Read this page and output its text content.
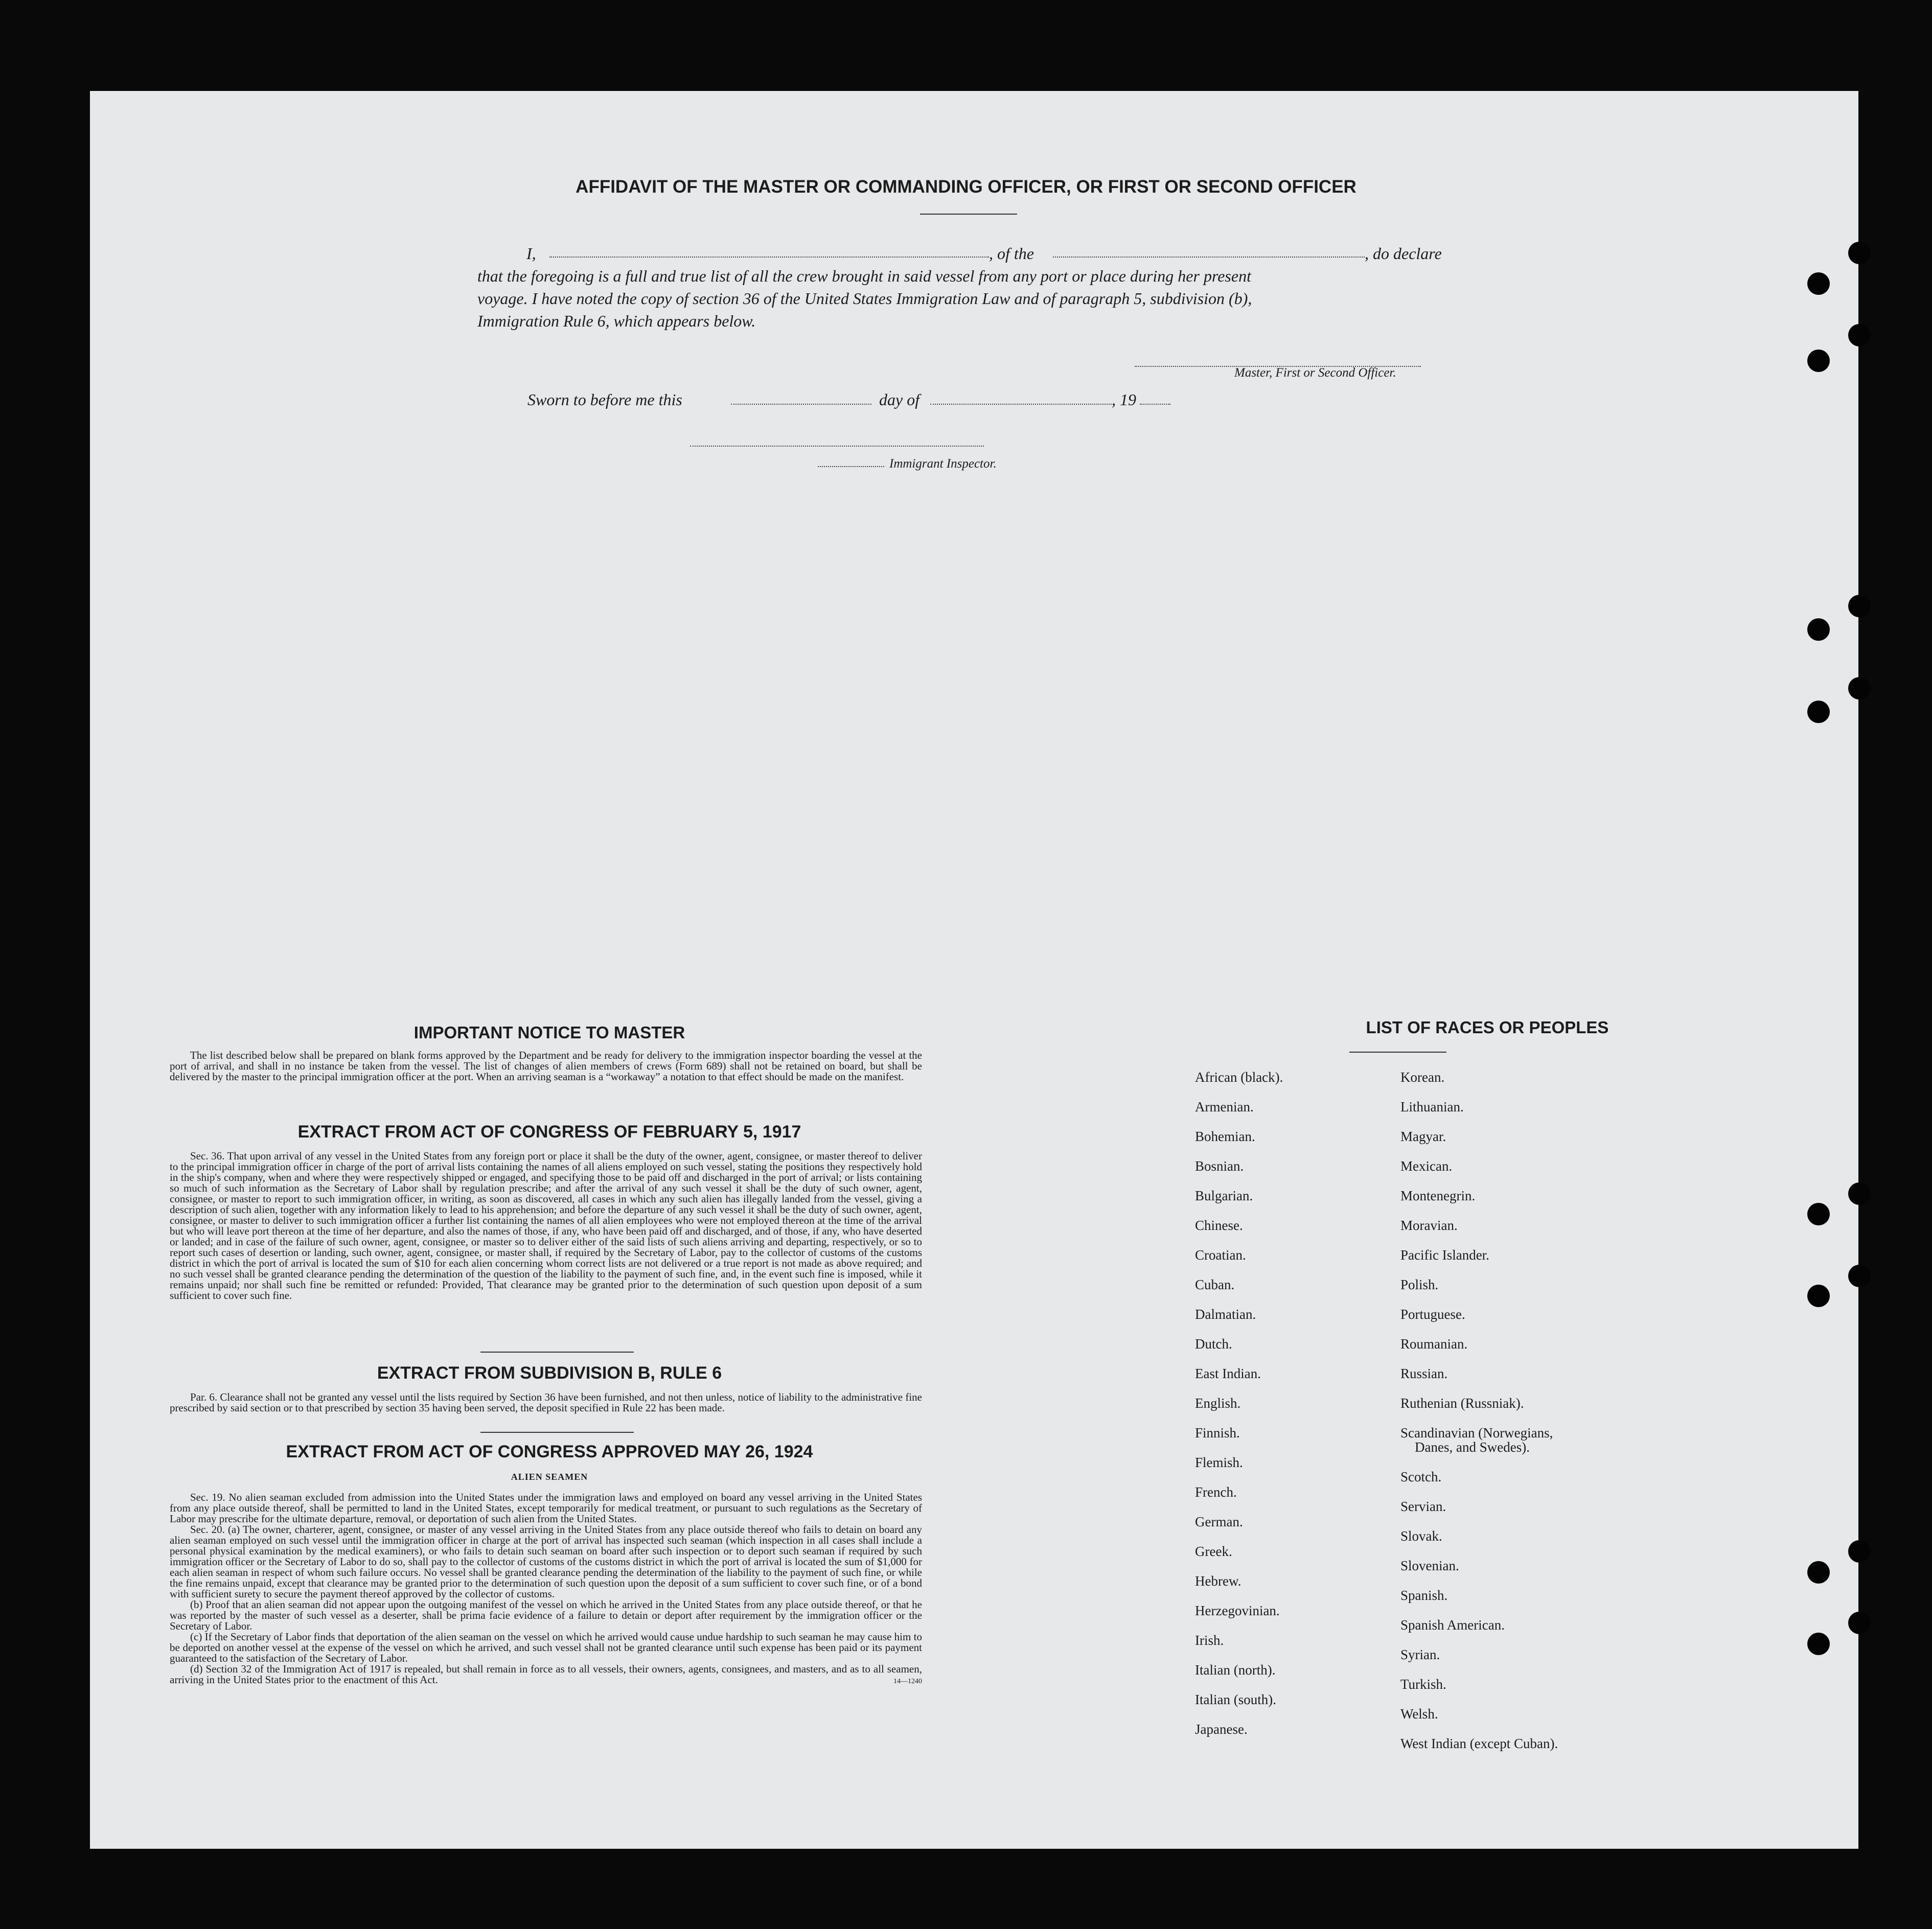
AFFIDAVIT OF THE MASTER OR COMMANDING OFFICER, OR FIRST OR SECOND OFFICER
I,	, of the	, do declare
that the foregoing is a full and true list of all the crew brought in said vessel from any port or place during her present
voyage. I have noted the copy of section 36 of the United States Immigration Law and of paragraph 5, subdivision (b),
Immigration Rule 6, which appears below.
Master, First or Second Officer.
Sworn to before me this	day of	, 19
Immigrant Inspector.
IMPORTANT NOTICE TO MASTER
The list described below shall be prepared on blank forms approved by the Department and be ready for delivery to the immigration inspector boarding the vessel at the port of arrival, and shall in no instance be taken from the vessel. The list of changes of alien members of crews (Form 689) shall not be retained on board, but shall be delivered by the master to the principal immigration officer at the port. When an arriving seaman is a “workaway” a notation to that effect should be made on the manifest.
EXTRACT FROM ACT OF CONGRESS OF FEBRUARY 5, 1917
Sec. 36. That upon arrival of any vessel in the United States from any foreign port or place it shall be the duty of the owner, agent, consignee, or master thereof to deliver to the principal immigration officer in charge of the port of arrival lists containing the names of all aliens employed on such vessel, stating the positions they respectively hold in the ship's company, when and where they were respectively shipped or engaged, and specifying those to be paid off and discharged in the port of arrival; or lists containing so much of such information as the Secretary of Labor shall by regulation prescribe; and after the arrival of any such vessel it shall be the duty of such owner, agent, consignee, or master to report to such immigration officer, in writing, as soon as discovered, all cases in which any such alien has illegally landed from the vessel, giving a description of such alien, together with any information likely to lead to his apprehension; and before the departure of any such vessel it shall be the duty of such owner, agent, consignee, or master to deliver to such immigration officer a further list containing the names of all alien employees who were not employed thereon at the time of the arrival but who will leave port thereon at the time of her departure, and also the names of those, if any, who have been paid off and discharged, and of those, if any, who have deserted or landed; and in case of the failure of such owner, agent, consignee, or master so to deliver either of the said lists of such aliens arriving and departing, respectively, or so to report such cases of desertion or landing, such owner, agent, consignee, or master shall, if required by the Secretary of Labor, pay to the collector of customs of the customs district in which the port of arrival is located the sum of $10 for each alien concerning whom correct lists are not delivered or a true report is not made as above required; and no such vessel shall be granted clearance pending the determination of the question of the liability to the payment of such fine, and, in the event such fine is imposed, while it remains unpaid; nor shall such fine be remitted or refunded: Provided, That clearance may be granted prior to the determination of such question upon deposit of a sum sufficient to cover such fine.
EXTRACT FROM SUBDIVISION B, RULE 6
Par. 6. Clearance shall not be granted any vessel until the lists required by Section 36 have been furnished, and not then unless, notice of liability to the administrative fine prescribed by said section or to that prescribed by section 35 having been served, the deposit specified in Rule 22 has been made.
EXTRACT FROM ACT OF CONGRESS APPROVED MAY 26, 1924
ALIEN SEAMEN
Sec. 19. No alien seaman excluded from admission into the United States under the immigration laws and employed on board any vessel arriving in the United States from any place outside thereof, shall be permitted to land in the United States, except temporarily for medical treatment, or pursuant to such regulations as the Secretary of Labor may prescribe for the ultimate departure, removal, or deportation of such alien from the United States.
Sec. 20. (a) The owner, charterer, agent, consignee, or master of any vessel arriving in the United States from any place outside thereof who fails to detain on board any alien seaman employed on such vessel until the immigration officer in charge at the port of arrival has inspected such seaman (which inspection in all cases shall include a personal physical examination by the medical examiners), or who fails to detain such seaman on board after such inspection or to deport such seaman if required by such immigration officer or the Secretary of Labor to do so, shall pay to the collector of customs of the customs district in which the port of arrival is located the sum of $1,000 for each alien seaman in respect of whom such failure occurs. No vessel shall be granted clearance pending the determination of the liability to the payment of such fine, or while the fine remains unpaid, except that clearance may be granted prior to the determination of such question upon the deposit of a sum sufficient to cover such fine, or of a bond with sufficient surety to secure the payment thereof approved by the collector of customs.
(b) Proof that an alien seaman did not appear upon the outgoing manifest of the vessel on which he arrived in the United States from any place outside thereof, or that he was reported by the master of such vessel as a deserter, shall be prima facie evidence of a failure to detain or deport after requirement by the immigration officer or the Secretary of Labor.
(c) If the Secretary of Labor finds that deportation of the alien seaman on the vessel on which he arrived would cause undue hardship to such seaman he may cause him to be deported on another vessel at the expense of the vessel on which he arrived, and such vessel shall not be granted clearance until such expense has been paid or its payment guaranteed to the satisfaction of the Secretary of Labor.
(d) Section 32 of the Immigration Act of 1917 is repealed, but shall remain in force as to all vessels, their owners, agents, consignees, and masters, and as to all seamen, arriving in the United States prior to the enactment of this Act.	14—1240
LIST OF RACES OR PEOPLES
African (black).
Armenian.
Bohemian.
Bosnian.
Bulgarian.
Chinese.
Croatian.
Cuban.
Dalmatian.
Dutch.
East Indian.
English.
Finnish.
Flemish.
French.
German.
Greek.
Hebrew.
Herzegovinian.
Irish.
Italian (north).
Italian (south).
Japanese.
Korean.
Lithuanian.
Magyar.
Mexican.
Montenegrin.
Moravian.
Pacific Islander.
Polish.
Portuguese.
Roumanian.
Russian.
Ruthenian (Russniak).
Scandinavian (Norwegians,
Danes, and Swedes).
Scotch.
Servian.
Slovak.
Slovenian.
Spanish.
Spanish American.
Syrian.
Turkish.
Welsh.
West Indian (except Cuban).
